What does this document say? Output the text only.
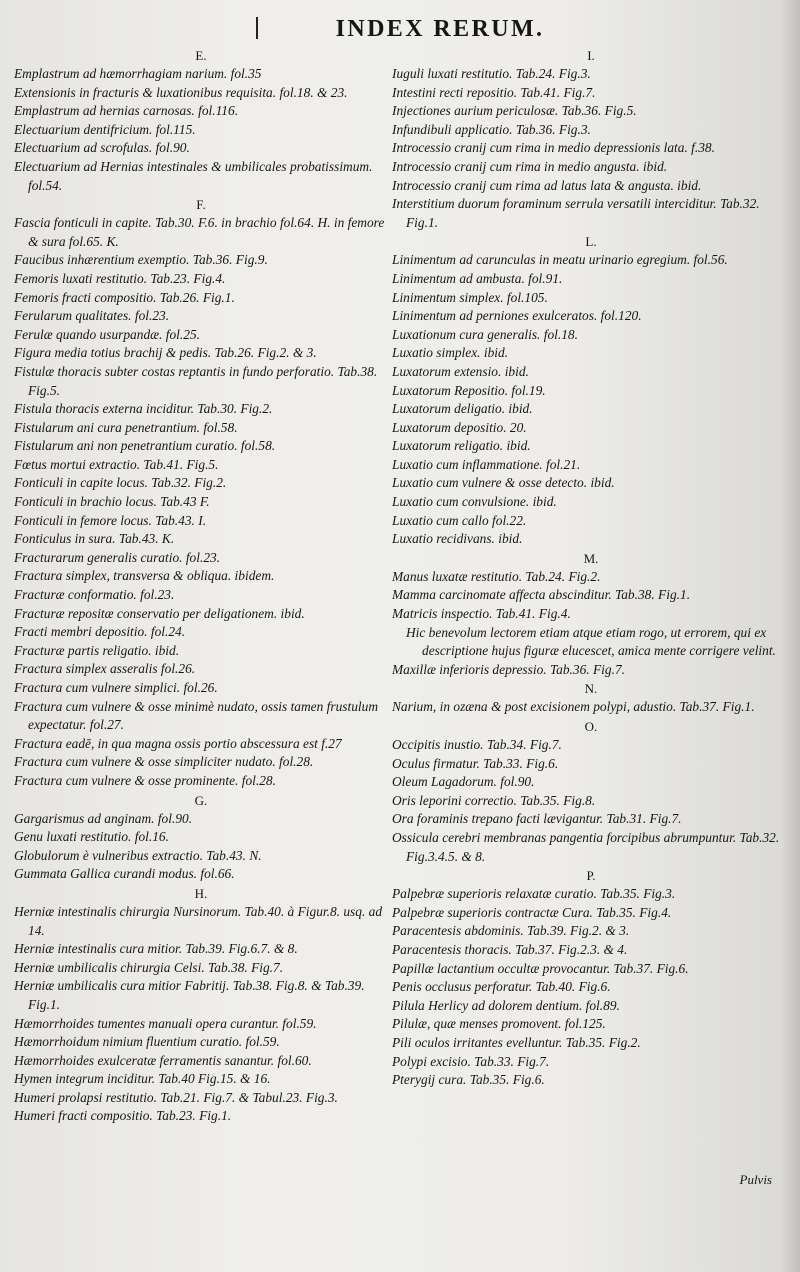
INDEX RERUM.

E.

Emplastrum ad hæmorrhagiam narium. fol.35

Extensionis in fracturis & luxationibus requisita. fol.18. & 23.

Emplastrum ad hernias carnosas. fol.116.

Electuarium dentifricium. fol.115.

Electuarium ad scrofulas. fol.90.

Electuarium ad Hernias intestinales & umbilicales probatissimum. fol.54.

F.

Fascia fonticuli in capite. Tab.30. F.6. in brachio fol.64. H. in femore & sura fol.65. K.

Faucibus inhærentium exemptio. Tab.36. Fig.9.

Femoris luxati restitutio. Tab.23. Fig.4.

Femoris fracti compositio. Tab.26. Fig.1.

Ferularum qualitates. fol.23.

Ferulæ quando usurpandæ. fol.25.

Figura media totius brachij & pedis. Tab.26. Fig.2. & 3.

Fistulæ thoracis subter costas reptantis in fundo perforatio. Tab.38. Fig.5.

Fistula thoracis externa inciditur. Tab.30. Fig.2.

Fistularum ani cura penetrantium. fol.58.

Fistularum ani non penetrantium curatio. fol.58.

Fœtus mortui extractio. Tab.41. Fig.5.

Fonticuli in capite locus. Tab.32. Fig.2.

Fonticuli in brachio locus. Tab.43 F.

Fonticuli in femore locus. Tab.43. I.

Fonticulus in sura. Tab.43. K.

Fracturarum generalis curatio. fol.23.

Fractura simplex, transversa & obliqua. ibidem.

Fracturæ conformatio. fol.23.

Fracturæ repositæ conservatio per deligationem. ibid.

Fracti membri depositio. fol.24.

Fracturæ partis religatio. ibid.

Fractura simplex asseralis fol.26.

Fractura cum vulnere simplici. fol.26.

Fractura cum vulnere & osse minimè nudato, ossis tamen frustulum expectatur. fol.27.

Fractura eadē, in qua magna ossis portio abscessura est f.27

Fractura cum vulnere & osse simpliciter nudato. fol.28.

Fractura cum vulnere & osse prominente. fol.28.

G.

Gargarismus ad anginam. fol.90.

Genu luxati restitutio. fol.16.

Globulorum è vulneribus extractio. Tab.43. N.

Gummata Gallica curandi modus. fol.66.

H.

Herniæ intestinalis chirurgia Nursinorum. Tab.40. à Figur.8. usq. ad 14.

Herniæ intestinalis cura mitior. Tab.39. Fig.6.7. & 8.

Herniæ umbilicalis chirurgia Celsi. Tab.38. Fig.7.

Herniæ umbilicalis cura mitior Fabritij. Tab.38. Fig.8. & Tab.39. Fig.1.

Hæmorrhoides tumentes manuali opera curantur. fol.59.

Hæmorrhoidum nimium fluentium curatio. fol.59.

Hæmorrhoides exulceratæ ferramentis sanantur. fol.60.

Hymen integrum inciditur. Tab.40 Fig.15. & 16.

Humeri prolapsi restitutio. Tab.21. Fig.7. & Tabul.23. Fig.3.

Humeri fracti compositio. Tab.23. Fig.1.

I.

Iuguli luxati restitutio. Tab.24. Fig.3.

Intestini recti repositio. Tab.41. Fig.7.

Injectiones aurium periculosæ. Tab.36. Fig.5.

Infundibuli applicatio. Tab.36. Fig.3.

Introcessio cranij cum rima in medio depressionis lata. f.38.

Introcessio cranij cum rima in medio angusta. ibid.

Introcessio cranij cum rima ad latus lata & angusta. ibid.

Interstitium duorum foraminum serrula versatili interciditur. Tab.32. Fig.1.

L.

Linimentum ad carunculas in meatu urinario egregium. fol.56.

Linimentum ad ambusta. fol.91.

Linimentum simplex. fol.105.

Linimentum ad perniones exulceratos. fol.120.

Luxationum cura generalis. fol.18.

Luxatio simplex. ibid.

Luxatorum extensio. ibid.

Luxatorum Repositio. fol.19.

Luxatorum deligatio. ibid.

Luxatorum depositio. 20.

Luxatorum religatio. ibid.

Luxatio cum inflammatione. fol.21.

Luxatio cum vulnere & osse detecto. ibid.

Luxatio cum convulsione. ibid.

Luxatio cum callo fol.22.

Luxatio recidivans. ibid.

M.

Manus luxatæ restitutio. Tab.24. Fig.2.

Mamma carcinomate affecta abscinditur. Tab.38. Fig.1.

Matricis inspectio. Tab.41. Fig.4.

Hic benevolum lectorem etiam atque etiam rogo, ut errorem, qui ex descriptione hujus figuræ elucescet, amica mente corrigere velint.

Maxillæ inferioris depressio. Tab.36. Fig.7.

N.

Narium, in ozæna & post excisionem polypi, adustio. Tab.37. Fig.1.

O.

Occipitis inustio. Tab.34. Fig.7.

Oculus firmatur. Tab.33. Fig.6.

Oleum Lagadorum. fol.90.

Oris leporini correctio. Tab.35. Fig.8.

Ora foraminis trepano facti lævigantur. Tab.31. Fig.7.

Ossicula cerebri membranas pangentia forcipibus abrumpuntur. Tab.32. Fig.3.4.5. & 8.

P.

Palpebræ superioris relaxatæ curatio. Tab.35. Fig.3.

Palpebræ superioris contractæ Cura. Tab.35. Fig.4.

Paracentesis abdominis. Tab.39. Fig.2. & 3.

Paracentesis thoracis. Tab.37. Fig.2.3. & 4.

Papillæ lactantium occultæ provocantur. Tab.37. Fig.6.

Penis occlusus perforatur. Tab.40. Fig.6.

Pilula Herlicy ad dolorem dentium. fol.89.

Pilulæ, quæ menses promovent. fol.125.

Pili oculos irritantes evelluntur. Tab.35. Fig.2.

Polypi excisio. Tab.33. Fig.7.

Pterygij cura. Tab.35. Fig.6.

Pulvis
